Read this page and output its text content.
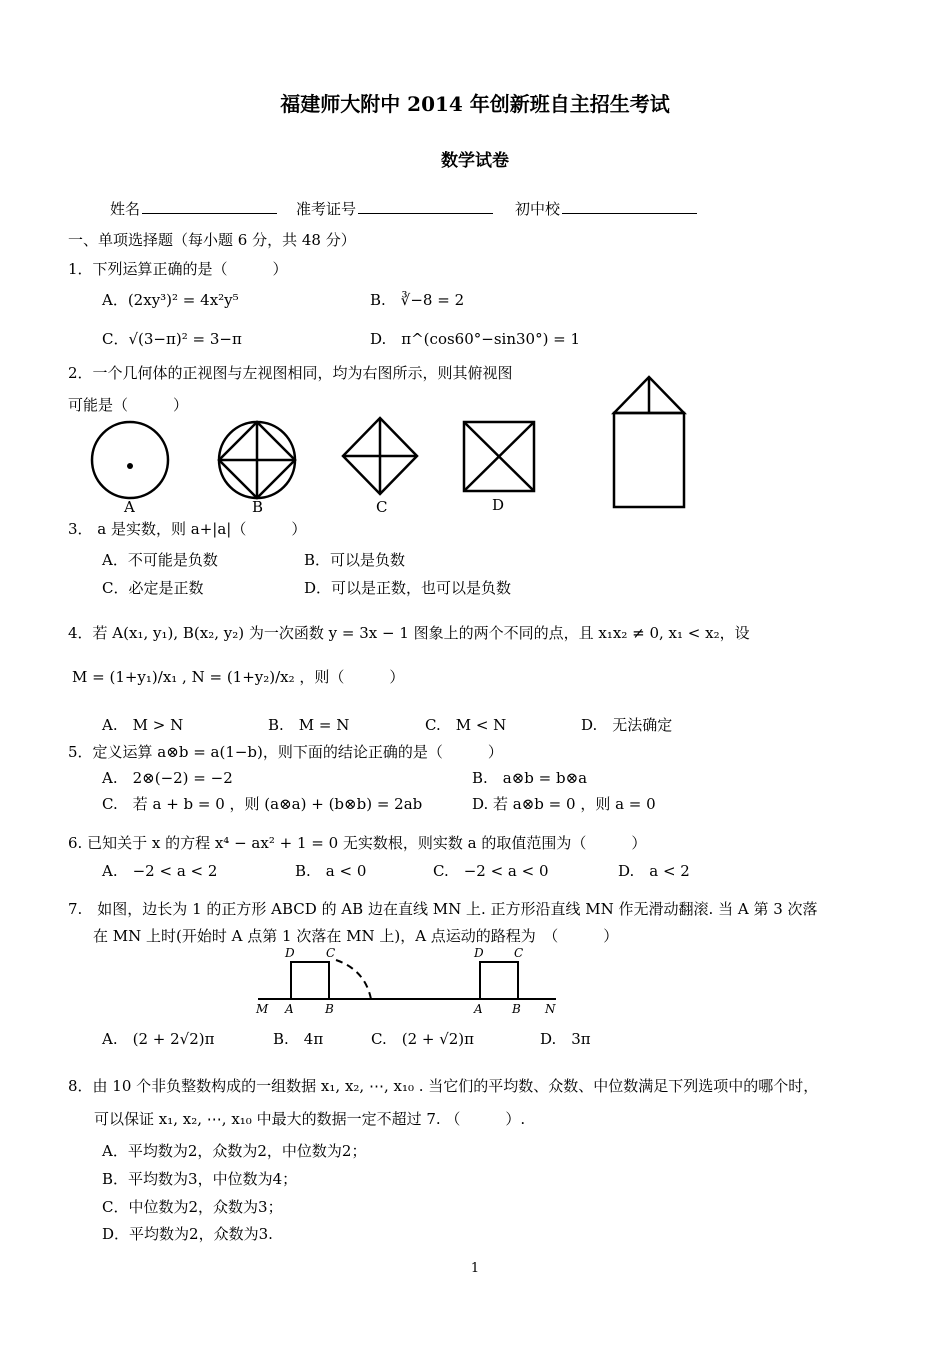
福建师大附中 2014 年创新班自主招生考试
数学试卷
姓名	准考证号	初中校
一、单项选择题（每小题 6 分，共 48 分）
1．下列运算正确的是（　　　）
A．(2xy³)² = 4x²y⁵	B.　∛−8 = 2
C．√(3−π)² = 3−π	D.　π^(cos60°−sin30°) = 1
2．一个几何体的正视图与左视图相同，均为右图所示，则其俯视图
可能是（　　　）
A	B	C	D
3． a 是实数，则 a+|a|（　　　）
A．不可能是负数	B．可以是负数
C．必定是正数	D．可以是正数，也可以是负数
4．若 A(x₁, y₁), B(x₂, y₂) 为一次函数 y = 3x − 1 图象上的两个不同的点，且 x₁x₂ ≠ 0, x₁ < x₂，设
M = (1+y₁)/x₁ , N = (1+y₂)/x₂ ，则（　　　）
A.　M > N	B.　M = N	C.　M < N	D.　无法确定
5．定义运算 a⊗b = a(1−b)，则下面的结论正确的是（　　　）
A.　2⊗(−2) = −2	B.　a⊗b = b⊗a
C.　若 a + b = 0 ，则 (a⊗a) + (b⊗b) = 2ab	D. 若 a⊗b = 0 ，则 a = 0
6. 已知关于 x 的方程 x⁴ − ax² + 1 = 0 无实数根，则实数 a 的取值范围为（　　　）
A.　−2 < a < 2	B.　a < 0	C.　−2 < a < 0	D.　a < 2
7.　如图，边长为 1 的正方形 ABCD 的 AB 边在直线 MN 上. 正方形沿直线 MN 作无滑动翻滚. 当 A 第 3 次落
在 MN 上时(开始时 A 点第 1 次落在 MN 上)，A 点运动的路程为　（　　　）
D	C
M A	B
D	C
A B N
A.　(2 + 2√2)π	B.　4π	C.　(2 + √2)π	D.　3π
8．由 10 个非负整数构成的一组数据 x₁, x₂, ⋯, x₁₀ . 当它们的平均数、众数、中位数满足下列选项中的哪个时，
可以保证 x₁, x₂, ⋯, x₁₀ 中最大的数据一定不超过 7. （　　　）.
A．平均数为2，众数为2，中位数为2；
B．平均数为3，中位数为4；
C．中位数为2，众数为3；
D．平均数为2，众数为3.
1
